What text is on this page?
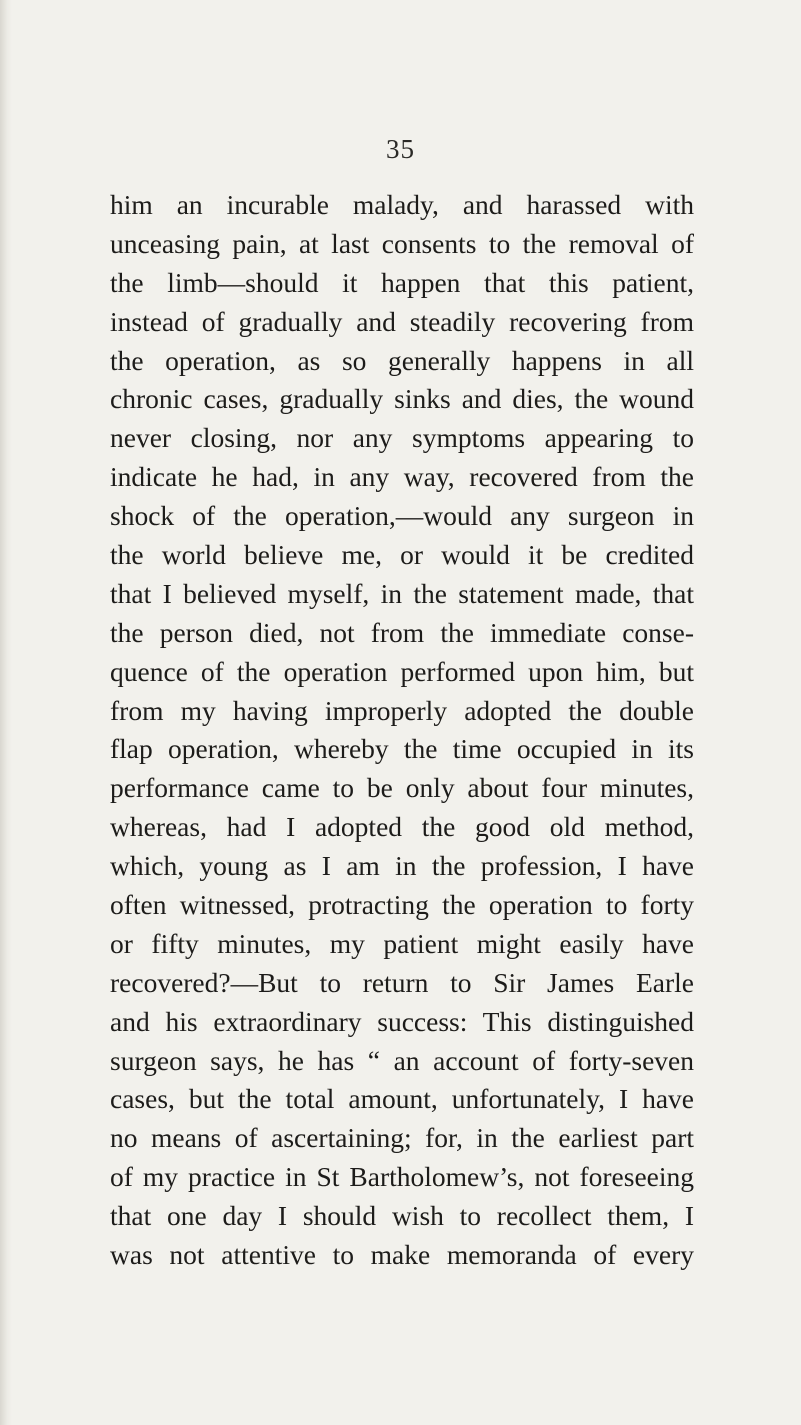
35
him an incurable malady, and harassed with
unceasing pain, at last consents to the removal of
the limb—should it happen that this patient,
instead of gradually and steadily recovering from
the operation, as so generally happens in all
chronic cases, gradually sinks and dies, the wound
never closing, nor any symptoms appearing to
indicate he had, in any way, recovered from the
shock of the operation,—would any surgeon in
the world believe me, or would it be credited
that I believed myself, in the statement made, that
the person died, not from the immediate conse-
quence of the operation performed upon him, but
from my having improperly adopted the double
flap operation, whereby the time occupied in its
performance came to be only about four minutes,
whereas, had I adopted the good old method,
which, young as I am in the profession, I have
often witnessed, protracting the operation to forty
or fifty minutes, my patient might easily have
recovered?—But to return to Sir James Earle
and his extraordinary success: This distinguished
surgeon says, he has “ an account of forty-seven
cases, but the total amount, unfortunately, I have
no means of ascertaining; for, in the earliest part
of my practice in St Bartholomew’s, not foreseeing
that one day I should wish to recollect them, I
was not attentive to make memoranda of every
